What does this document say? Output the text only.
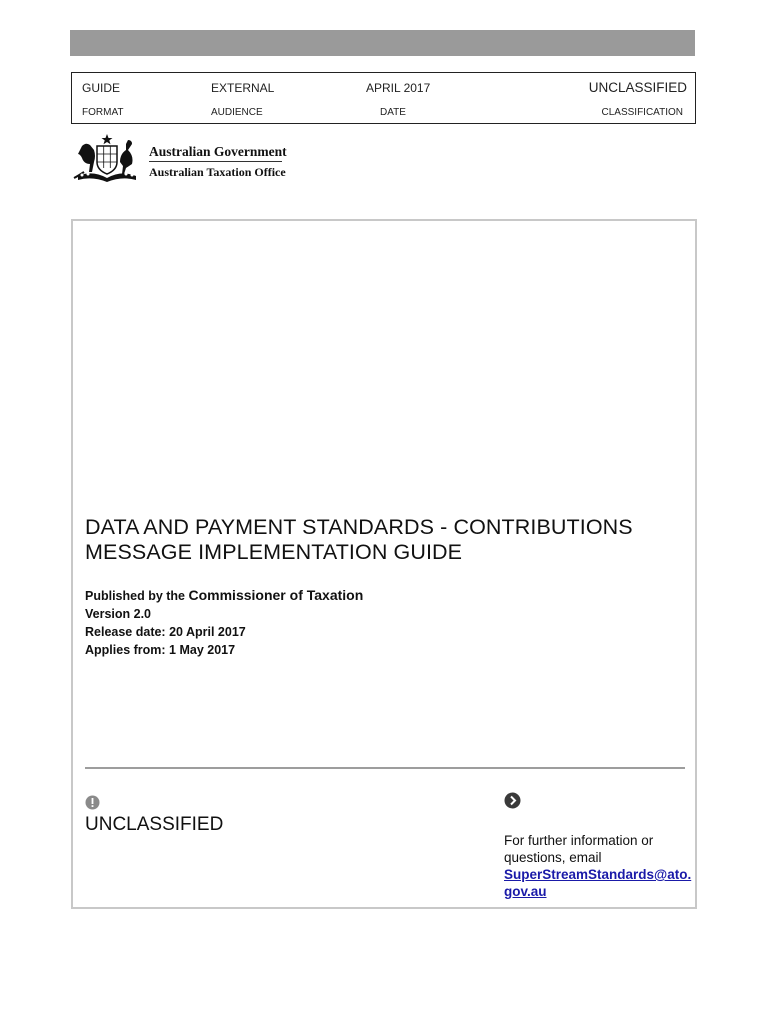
GUIDE	EXTERNAL	APRIL 2017	UNCLASSIFIED
FORMAT	AUDIENCE	DATE	CLASSIFICATION
Australian Government
Australian Taxation Office
DATA AND PAYMENT STANDARDS - CONTRIBUTIONS
MESSAGE IMPLEMENTATION GUIDE
Published by the Commissioner of Taxation
Version 2.0
Release date: 20 April 2017
Applies from: 1 May 2017
UNCLASSIFIED
For further information or questions, email
SuperStreamStandards@ato.
gov.au
